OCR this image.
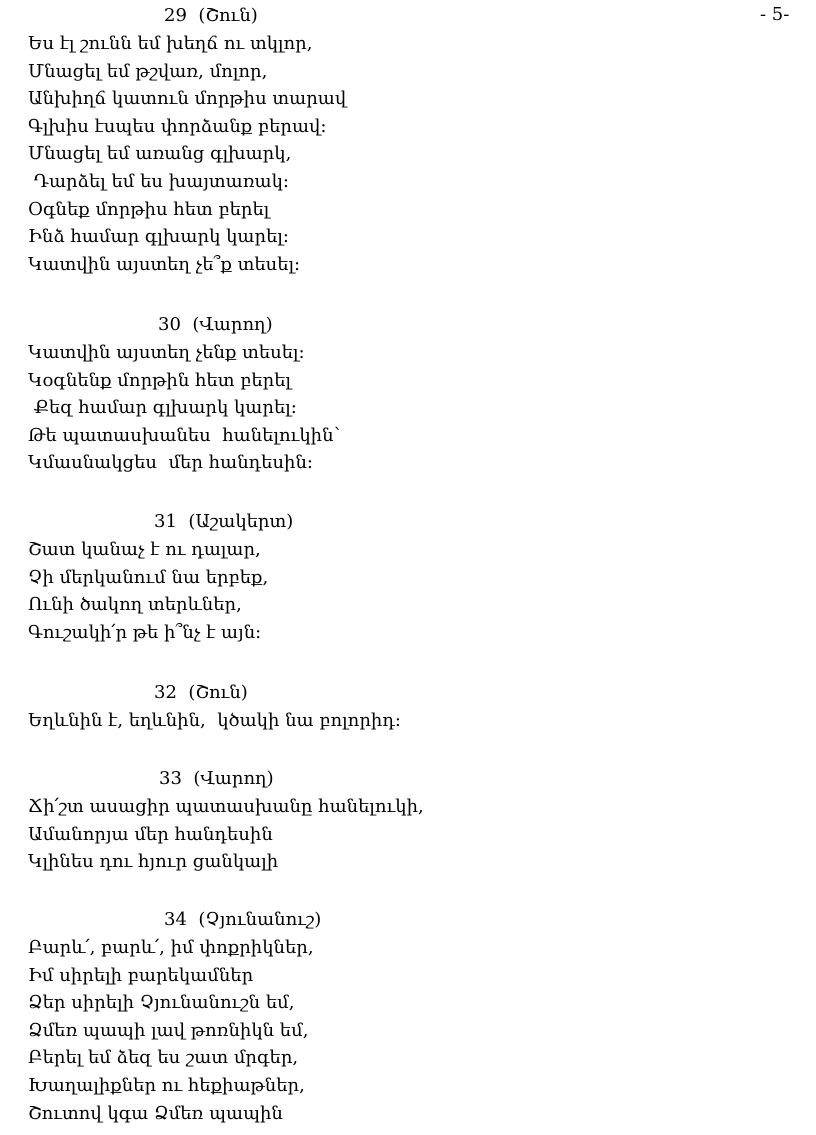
- 5-
29  (Շուն)
Ես էլ շունն եմ խեղճ ու տկլոր,
Մնացել եմ թշվառ, մոլոր,
Անխիղճ կատուն մորթիս տարավ
Գլխիս էսպես փորձանք բերավ:
Մնացել եմ առանց գլխարկ,
Դարձել եմ ես խայտառակ:
Օգնեք մորթիս հետ բերել
Ինձ համար գլխարկ կարել:
Կատվին այստեղ չե՞ք տեսել:
30  (Վարող)
Կատվին այստեղ չենք տեսել:
Կօգնենք մորթին հետ բերել
Քեզ համար գլխարկ կարել:
Թե պատասխանես  հանելուկին`
Կմասնակցես  մեր հանդեսին:
31  (Աշակերտ)
Շատ կանաչ է ու դալար,
Չի մերկանում նա երբեք,
Ունի ծակող տերևներ,
Գուշակի՛ր թե ի՞նչ է այն:
32  (Շուն)
Եղևնին է, եղևնին,  կծակի նա բոլորիդ:
33  (Վարող)
Ճի՛շտ ասացիր պատասխանը հանելուկի,
Ամանորյա մեր հանդեսին
Կլինես դու հյուր ցանկալի
34  (Չյունանուշ)
Բարև՛, բարև՛, իմ փոքրիկներ,
Իմ սիրելի բարեկամներ
Ձեր սիրելի Չյունանուշն եմ,
Ձմեռ պապի լավ թոռնիկն եմ,
Բերել եմ ձեզ ես շատ մրգեր,
Խաղալիքներ ու հեքիաթներ,
Շուտով կգա Ձմեռ պապին
